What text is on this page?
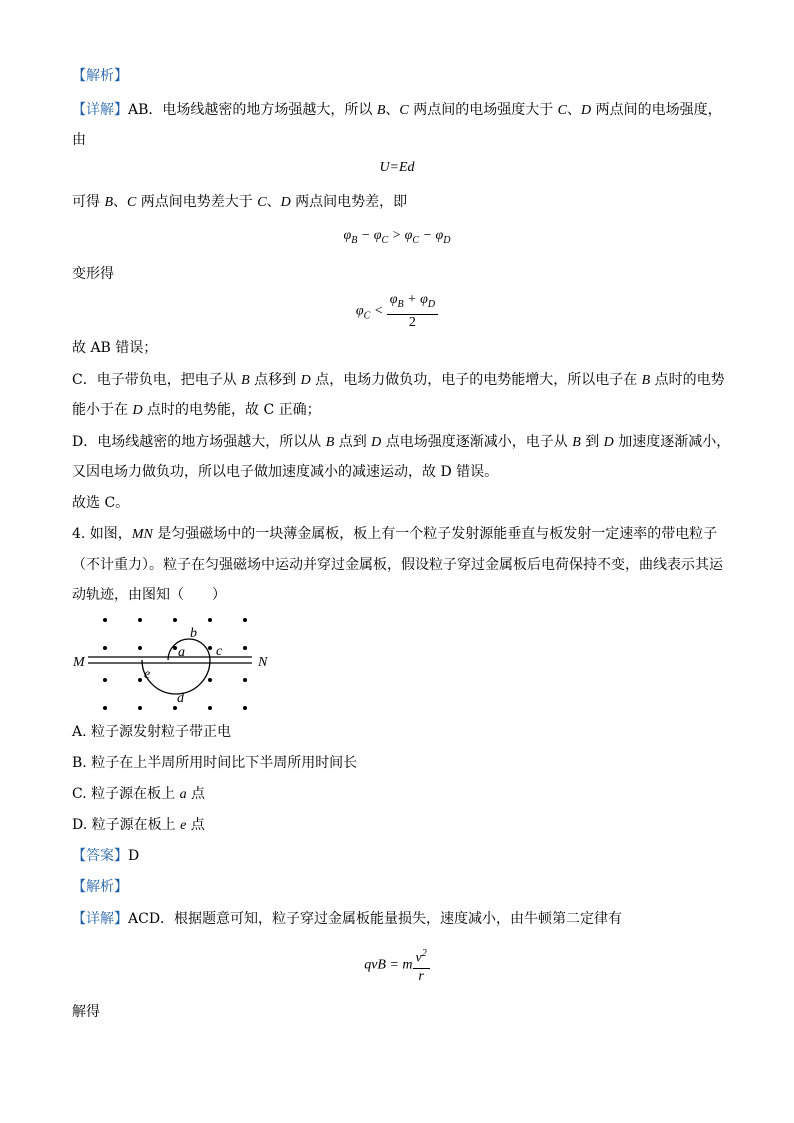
【解析】
【详解】AB．电场线越密的地方场强越大，所以 B、C 两点间的电场强度大于 C、D 两点间的电场强度，
由
U=Ed
可得 B、C 两点间电势差大于 C、D 两点间电势差，即
$\varphi_B - \varphi_C > \varphi_C - \varphi_D$
变形得
$\varphi_C < \frac{\varphi_B + \varphi_D}{2}$
故 AB 错误；
C．电子带负电，把电子从 B 点移到 D 点，电场力做负功，电子的电势能增大，所以电子在 B 点时的电势
能小于在 D 点时的电势能，故 C 正确；
D．电场线越密的地方场强越大，所以从 B 点到 D 点电场强度逐渐减小，电子从 B 到 D 加速度逐渐减小，
又因电场力做负功，所以电子做加速度减小的减速运动，故 D 错误。
故选 C。
4. 如图，MN 是匀强磁场中的一块薄金属板，板上有一个粒子发射源能垂直与板发射一定速率的带电粒子
（不计重力）。粒子在匀强磁场中运动并穿过金属板，假设粒子穿过金属板后电荷保持不变，曲线表示其运
动轨迹，由图知（　　）
M	N
b
a c
e
d
A. 粒子源发射粒子带正电
B. 粒子在上半周所用时间比下半周所用时间长
C. 粒子源在板上 a 点
D. 粒子源在板上 e 点
【答案】D
【解析】
【详解】ACD．根据题意可知，粒子穿过金属板能量损失，速度减小，由牛顿第二定律有
qvB = m $\frac{v^2}{r}$
解得
